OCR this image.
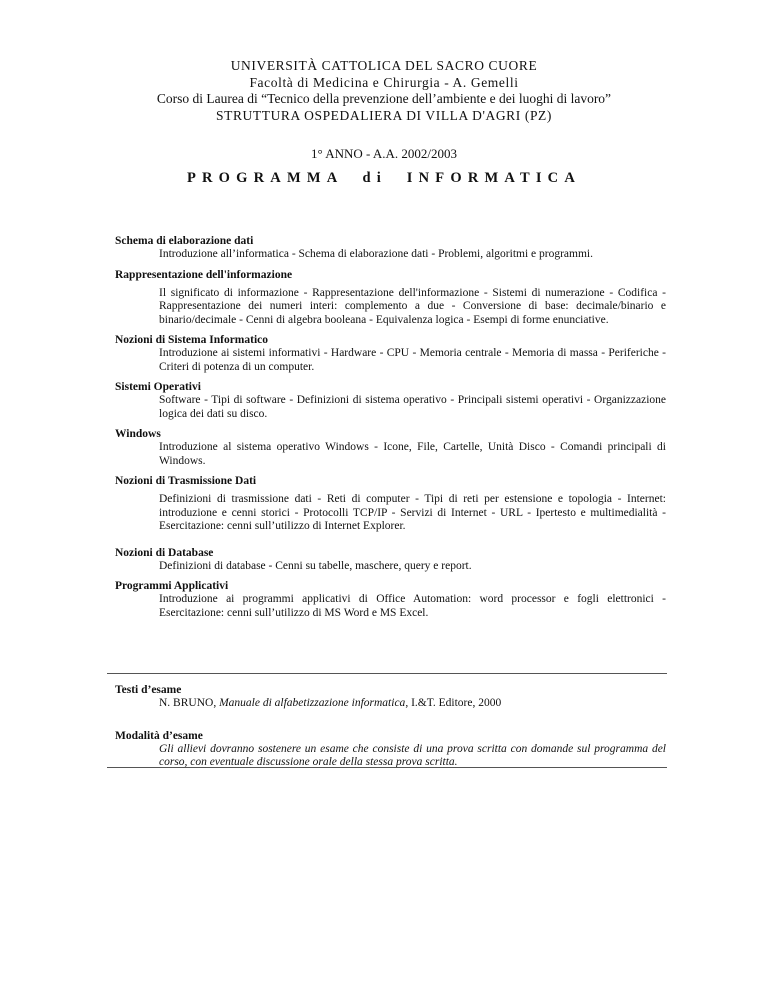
UNIVERSITÀ CATTOLICA DEL SACRO CUORE
Facoltà di Medicina e Chirurgia - A. Gemelli
Corso di Laurea di “Tecnico della prevenzione dell’ambiente e dei luoghi di lavoro”
STRUTTURA OSPEDALIERA DI VILLA D'AGRI (PZ)
1° ANNO - A.A. 2002/2003
PROGRAMMA di INFORMATICA
Schema di elaborazione dati
Introduzione all’informatica - Schema di elaborazione dati - Problemi, algoritmi e programmi.
Rappresentazione dell'informazione
Il significato di informazione - Rappresentazione dell'informazione - Sistemi di numerazione - Codifica - Rappresentazione dei numeri interi: complemento a due - Conversione di base: decimale/binario e binario/decimale - Cenni di algebra booleana - Equivalenza logica - Esempi di forme enunciative.
Nozioni di Sistema Informatico
Introduzione ai sistemi informativi - Hardware - CPU - Memoria centrale - Memoria di massa - Periferiche - Criteri di potenza di un computer.
Sistemi Operativi
Software - Tipi di software - Definizioni di sistema operativo - Principali sistemi operativi - Organizzazione logica dei dati su disco.
Windows
Introduzione al sistema operativo Windows - Icone, File, Cartelle, Unità Disco - Comandi principali di Windows.
Nozioni di Trasmissione Dati
Definizioni di trasmissione dati - Reti di computer - Tipi di reti per estensione e topologia - Internet: introduzione e cenni storici - Protocolli TCP/IP - Servizi di Internet - URL - Ipertesto e multimedialità - Esercitazione: cenni sull’utilizzo di Internet Explorer.
Nozioni di Database
Definizioni di database - Cenni su tabelle, maschere, query e report.
Programmi Applicativi
Introduzione ai programmi applicativi di Office Automation: word processor e fogli elettronici - Esercitazione: cenni sull’utilizzo di MS Word e MS Excel.
Testi d’esame
N. BRUNO, Manuale di alfabetizzazione informatica, I.&T. Editore, 2000
Modalità d’esame
Gli allievi dovranno sostenere un esame che consiste di una prova scritta con domande sul programma del corso, con eventuale discussione orale della stessa prova scritta.
